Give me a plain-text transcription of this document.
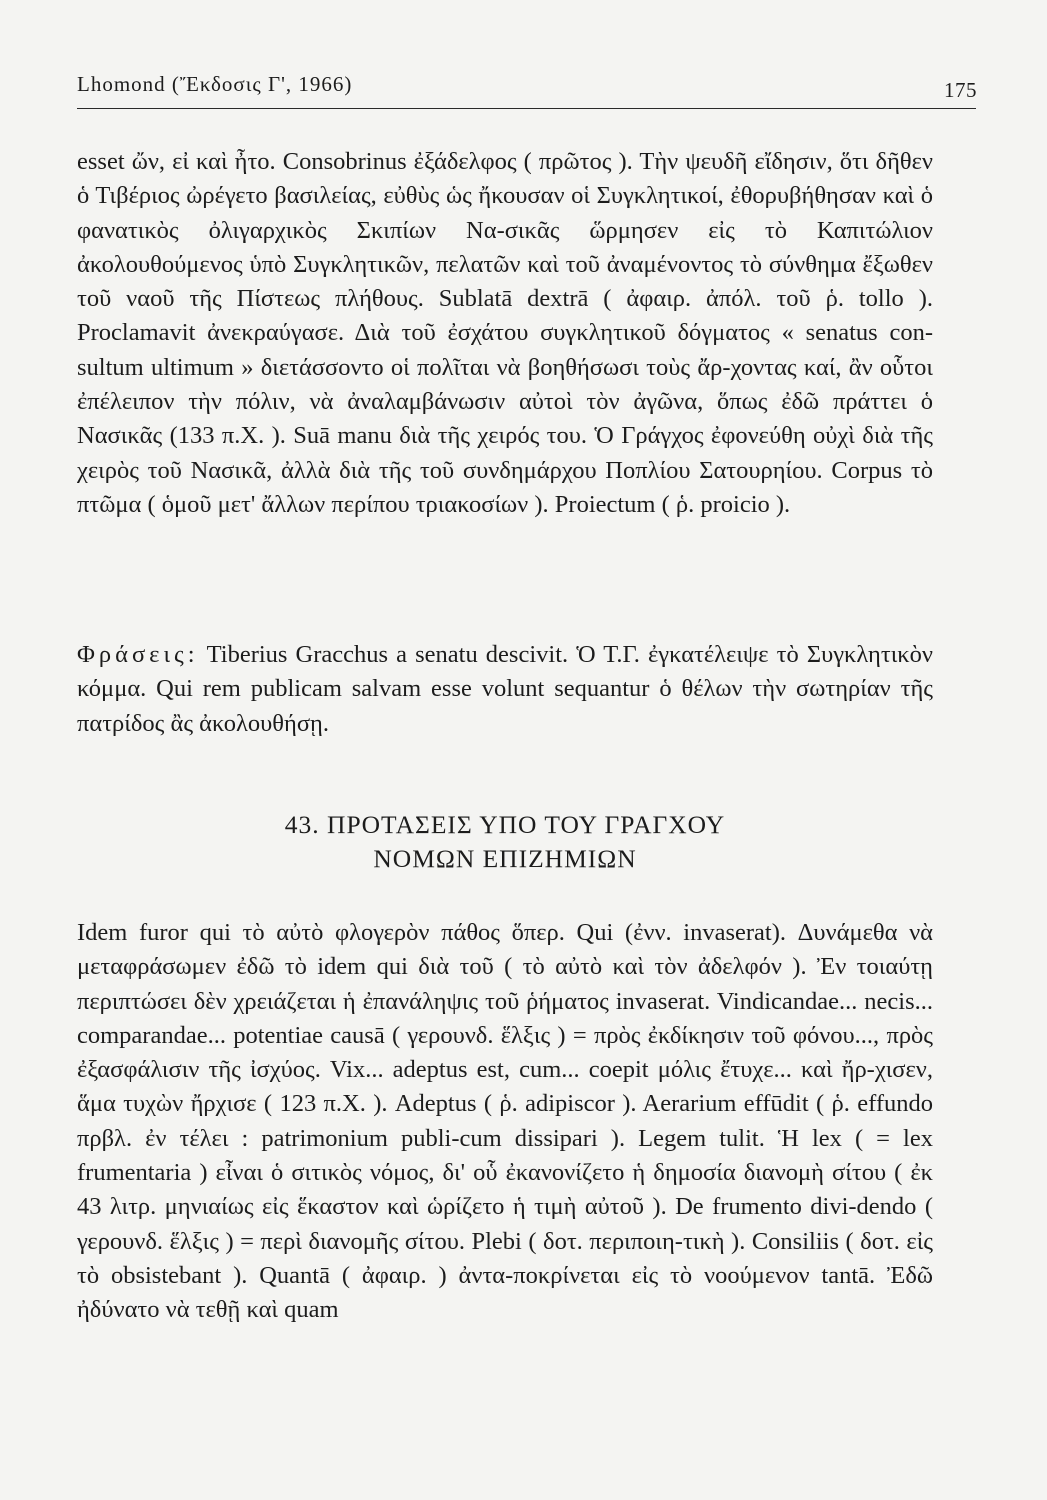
Lhomond (Ἔκδοσις Γ', 1966)	175

esset ὤν, εἰ καὶ ἦτο. Consobrinus ἐξάδελφος ( πρῶτος ). Τὴν ψευδῆ εἴδησιν, ὅτι δῆθεν ὁ Τιβέριος ὠρέγετο βασιλείας, εὐθὺς ὡς ἤκουσαν οἱ Συγκλητικοί, ἐθορυβήθησαν καὶ ὁ φανατικὸς ὀλιγαρχικὸς Σκιπίων Να-σικᾶς ὥρμησεν εἰς τὸ Καπιτώλιον ἀκολουθούμενος ὑπὸ Συγκλητικῶν, πελατῶν καὶ τοῦ ἀναμένοντος τὸ σύνθημα ἔξωθεν τοῦ ναοῦ τῆς Πίστεως πλήθους. Sublatā dextrā ( ἀφαιρ. ἀπόλ. τοῦ ῥ. tollo ). Proclamavit ἀνεκραύγασε. Διὰ τοῦ ἐσχάτου συγκλητικοῦ δόγματος « senatus con-sultum ultimum » διετάσσοντο οἱ πολῖται νὰ βοηθήσωσι τοὺς ἄρ-χοντας καί, ἂν οὗτοι ἐπέλειπον τὴν πόλιν, νὰ ἀναλαμβάνωσιν αὐτοὶ τὸν ἀγῶνα, ὅπως ἐδῶ πράττει ὁ Νασικᾶς (133 π.Χ. ). Suā manu διὰ τῆς χειρός του. Ὁ Γράγχος ἐφονεύθη οὐχὶ διὰ τῆς χειρὸς τοῦ Νασικᾶ, ἀλλὰ διὰ τῆς τοῦ συνδημάρχου Ποπλίου Σατουρηίου. Corpus τὸ πτῶμα ( ὁμοῦ μετ' ἄλλων περίπου τριακοσίων ). Proiectum ( ῥ. proicio ).

Φράσεις: Tiberius Gracchus a senatu descivit. Ὁ Τ.Γ. ἐγκατέλειψε τὸ Συγκλητικὸν κόμμα. Qui rem publicam salvam esse volunt sequantur ὁ θέλων τὴν σωτηρίαν τῆς πατρίδος ἂς ἀκολουθήσῃ.

43. ΠΡΟΤΑΣΕΙΣ ΥΠΟ ΤΟΥ ΓΡΑΓΧΟΥ
ΝΟΜΩΝ ΕΠΙΖΗΜΙΩΝ

Idem furor qui τὸ αὐτὸ φλογερὸν πάθος ὅπερ. Qui (ἐνν. invaserat). Δυνάμεθα νὰ μεταφράσωμεν ἐδῶ τὸ idem qui διὰ τοῦ ( τὸ αὐτὸ καὶ τὸν ἀδελφόν ). Ἐν τοιαύτῃ περιπτώσει δὲν χρειάζεται ἡ ἐπανάληψις τοῦ ῥήματος invaserat. Vindicandae... necis... comparandae... potentiae causā ( γερουνδ. ἕλξις ) = πρὸς ἐκδίκησιν τοῦ φόνου..., πρὸς ἐξασφάλισιν τῆς ἰσχύος. Vix... adeptus est, cum... coepit μόλις ἔτυχε... καὶ ἤρ-χισεν, ἅμα τυχὼν ἤρχισε ( 123 π.Χ. ). Adeptus ( ῥ. adipiscor ). Aerarium effūdit ( ῥ. effundo πρβλ. ἐν τέλει : patrimonium publi-cum dissipari ). Legem tulit. Ἡ lex ( = lex frumentaria ) εἶναι ὁ σιτικὸς νόμος, δι' οὗ ἐκανονίζετο ἡ δημοσία διανομὴ σίτου ( ἐκ 43 λιτρ. μηνιαίως εἰς ἕκαστον καὶ ὡρίζετο ἡ τιμὴ αὐτοῦ ). De frumento divi-dendo ( γερουνδ. ἕλξις ) = περὶ διανομῆς σίτου. Plebi ( δοτ. περιποιη-τικὴ ). Consiliis ( δοτ. εἰς τὸ obsistebant ). Quantā ( ἀφαιρ. ) ἀντα-ποκρίνεται εἰς τὸ νοούμενον tantā. Ἐδῶ ἠδύνατο νὰ τεθῇ καὶ quam
